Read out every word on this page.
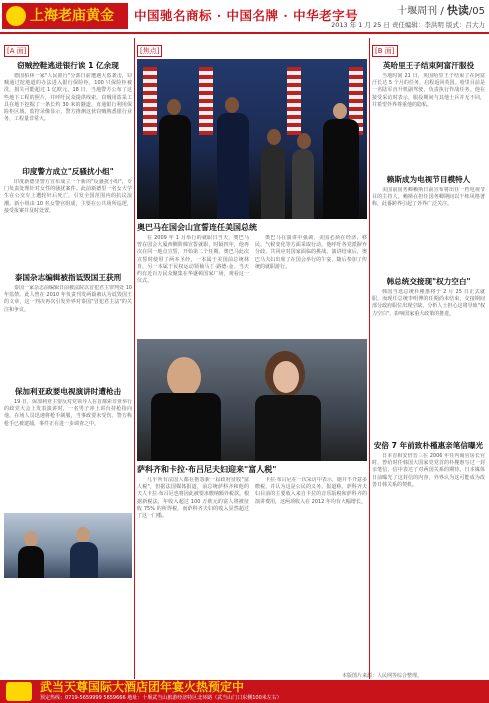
上海老庙黄金	中国驰名商标 · 中国名牌 · 中华老字号	十堰周刊 / 快读/05
2013 年 1 月 25 日 责任编辑：李洪明 版式：吕大力
[A 面]
窃贼控鞋逃进银行诶 1 亿余现
德国柏林一家"人民银行"分部日前遭遇大盗袭击，窃贼通过挖地道的办法进入银行保险柜，100 只保险柜被洗，损失可能超过 1 亿欧元。18 日，当地警方公布了这些地下工程的照片，并呼吁民众提供线索。窃贼用盗采工具在地下挖掘了一条长约 30 米的隧道，直通银行利用保险柜区域，监控录像显示，警方推测这伙窃贼熟悉银行业务，工程量非常大。
印度警方成立"反骚扰小组"
印度新德里警方宣布成立一个新的"反骚扰小组"，专门负责处理针对女性的骚扰案件。此前新德里一名女大学生在公交车上遭轮奸后死亡，引发全国范围内的抗议浪潮。新小组由 10 名女警官组成，主要在公共场所巡逻，接受报案并及时处置。
泰国杂志编辑被指诋毁国王获刑
泰国一家杂志前编辑日前被法院以冒犯君主罪判处 10 年监禁。此人曾在 2010 年负责刊发两篇被认为诋毁国王的文章，这一判决再次引发外界对泰国"冒犯君主法"的关注和争议。
保加利亚政要电视演讲时遭枪击
19 日，保加利亚主要反对党领导人在首都索非亚举行的政党大会上发表演讲时，一名男子冲上讲台持枪指向他。在场人员迅速将枪手制服，当事政要未受伤。警方称枪手已被逮捕，事件正在进一步调查之中。
[焦点]
奥巴马在国会山宣誓连任美国总统
在 2009 年 1 月举行的就职日当天，奥巴马曾在国会大厦西侧阶梯宣誓就职，时隔四年，他再次在同一地点宣誓，开始第二个任期。奥巴马此次宣誓时使用了两本圣经，一本属于美国前总统林肯，另一本属于民权运动领袖马丁·路德·金。当天约有近百万民众聚集在华盛顿国家广场，观看这一仪式。
奥巴马在演讲中强调，美国必须在经济、移民、气候变化等方面采取行动，他呼吁各党派摒弃分歧，共同应对国家面临的挑战。演讲结束后，奥巴马夫妇出席了在国会举行的午宴，随后参加了传统的就职游行。
萨科齐和卡拉·布吕尼夫妇迎来"富人税"
几乎所有法国人都在抱怨新一届政府征收"富人税"，但据法国媒体报道，前总统萨科齐和他的夫人卡拉·布吕尼也将因此被要求缴纳额外税款。根据新税法，年收入超过 100 万欧元的富人将被征收 75% 的所得税，而萨科齐夫妇的收入显然超过了这一门槛。
卡拉·布吕尼在一次采访中表示，她并不介意多缴税，并认为这是公民的义务。报道称，萨科齐夫妇目前的主要收入来自卡拉的音乐版税和萨科齐的演讲费用，这两项收入在 2012 年均有大幅增长。
[B 面]
英哈里王子结束阿富汗服役
当地时间 21 日，英国哈里王子结束了在阿富汗长达 5 个月的任务，启程返回英国。哈里目前是一名陆军直升机副驾驶，负责执行作战任务。他在接受采访时表示，服役期间与其他士兵并无不同，并希望外界尊重他的隐私。
赖斯成为电视节目模特人
美国前国务卿赖斯日前宣布将出任一档电视节目的主持人。赖斯在担任国务卿期间以干练风格著称，此番跨界引起了外界广泛关注。
韩总统交接现"权力空白"
韩国当选总统朴槿惠将于 2 月 25 日正式就职，而现任总统李明博的任期尚未结束，交接期间部分政府职位出现空缺，分析人士担心这将导致"权力空白"，影响国家重大政策的推进。
安倍 7 年前致朴槿惠亲笔信曝光
日本首相安倍晋三在 2006 年任内阁官房长官时，曾给时任韩国大国家党党首的朴槿惠写过一封亲笔信，信中表达了对两国关系的期待。日本媒体日前曝光了这封信的内容，外界认为这可能成为改善日韩关系的契机。
本版图片来源：人民网等综合整理。
武当天尊国际大酒店团年宴火热预定中
预定热线：0719-5659999 5659666 地址：十堰武当山旅游经济特区北环路（武当山门口东侧100米左右）
